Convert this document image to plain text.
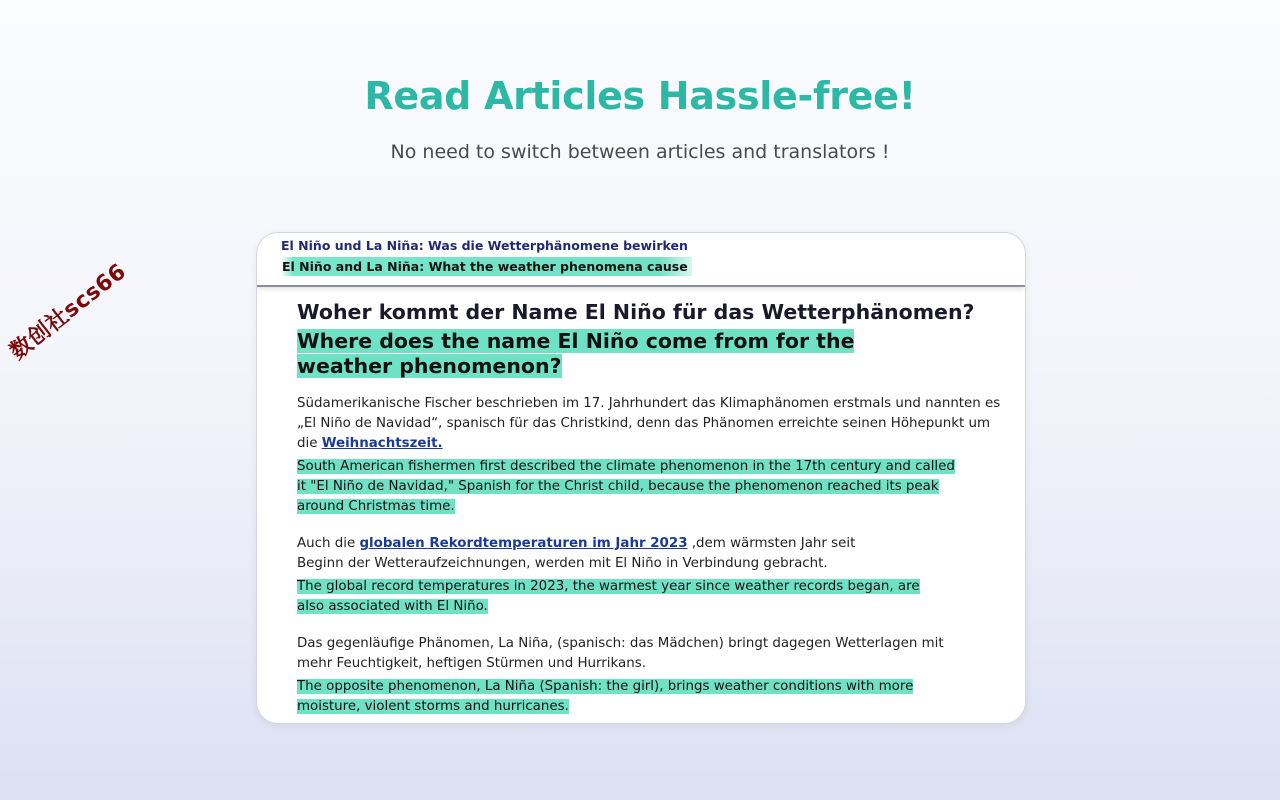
Read Articles Hassle-free!

No need to switch between articles and translators !

数创社scs66
El Niño und La Niña: Was die Wetterphänomene bewirken
El Niño and La Niña: What the weather phenomena cause
Woher kommt der Name El Niño für das Wetterphänomen?
Where does the name El Niño come from for the weather phenomenon?

Südamerikanische Fischer beschrieben im 17. Jahrhundert das Klimaphänomen erstmals und nannten es „El Niño de Navidad“, spanisch für das Christkind, denn das Phänomen erreichte seinen Höhepunkt um die Weihnachtszeit.

South American fishermen first described the climate phenomenon in the 17th century and called it "El Niño de Navidad," Spanish for the Christ child, because the phenomenon reached its peak around Christmas time.

Auch die globalen Rekordtemperaturen im Jahr 2023 ,dem wärmsten Jahr seit Beginn der Wetteraufzeichnungen, werden mit El Niño in Verbindung gebracht.

The global record temperatures in 2023, the warmest year since weather records began, are also associated with El Niño.

Das gegenläufige Phänomen, La Niña, (spanisch: das Mädchen) bringt dagegen Wetterlagen mit mehr Feuchtigkeit, heftigen Stürmen und Hurrikans.

The opposite phenomenon, La Niña (Spanish: the girl), brings weather conditions with more moisture, violent storms and hurricanes.
